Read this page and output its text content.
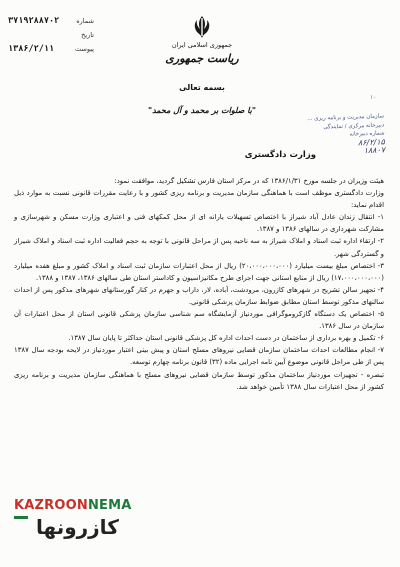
شماره
۳۷۱۹۲۸۸۷۰۲
تاریخ
پیوست
۱۳۸۶/۲/۱۱	جمهوری اسلامی ایران
ریاست جمهوری
۱۰
سازمان مدیریت و برنامه ریزی ...
دبیرخانه مرکزی / نمایندگی
شماره دبیرخانه
۸۶/۲/۱۵
۱۸۸۰۷
بسمه تعالی
"با صلوات بر محمد و آل محمد"
وزارت دادگستری

هیئت وزیران در جلسه مورخ ۱۳۸۶/۱/۳۱ که در مرکز استان فارس تشکیل گردید، موافقت نمود:

وزارت دادگستری موظف است با هماهنگی سازمان مدیریت و برنامه ریزی کشور و با رعایت مقررات قانونی نسبت به موارد ذیل اقدام نماید:

۱- انتقال زندان عادل آباد شیراز با اختصاص تسهیلات یارانه ای از محل کمکهای فنی و اعتباری وزارت مسکن و شهرسازی و مشارکت شهرداری در سالهای ۱۳۸۶ و ۱۳۸۷.

۲- ارتقاء اداره ثبت اسناد و املاک شیراز به سه ناحیه پس از مراحل قانونی با توجه به حجم فعالیت اداره ثبت اسناد و املاک شیراز و گستردگی شهر.

۳- اختصاص مبلغ بیست میلیارد (۲۰،۰۰۰،۰۰۰،۰۰۰) ریال از محل اعتبارات سازمان ثبت اسناد و املاک کشور و مبلغ هفده میلیارد (۱۷،۰۰۰،۰۰۰،۰۰۰) ریال از منابع استانی جهت اجرای طرح مکانیزاسیون و کاداستر استان طی سالهای ۱۳۸۶، ۱۳۸۷ و ۱۳۸۸.

۴- تجهیز سالن تشریح در شهرهای کازرون، مرودشت، آباده، لار، داراب و جهرم در کنار گورستانهای شهرهای مذکور پس از احداث سالنهای مذکور توسط استان مطابق ضوابط سازمان پزشکی قانونی.

۵- اختصاص یک دستگاه گازکروموگرافی موردنیاز آزمایشگاه سم شناسی سازمان پزشکی قانونی استان از محل اعتبارات آن سازمان در سال ۱۳۸۶.

۶- تکمیل و بهره برداری از ساختمان در دست احداث اداره کل پزشکی قانونی استان حداکثر تا پایان سال ۱۳۸۷.

۷- انجام مطالعات احداث ساختمان سازمان قضایی نیروهای مسلح استان و پیش بینی اعتبار موردنیاز در لایحه بودجه سال ۱۳۸۷ پس از طی مراحل قانونی موضوع آیین نامه اجرایی ماده (۳۲) قانون برنامه چهارم توسعه.

تبصره - تجهیزات موردنیاز ساختمان مذکور توسط سازمان قضایی نیروهای مسلح با هماهنگی سازمان مدیریت و برنامه ریزی کشور از محل اعتبارات سال ۱۳۸۸ تأمین خواهد شد.

KAZROONNEMA
کازرونها
